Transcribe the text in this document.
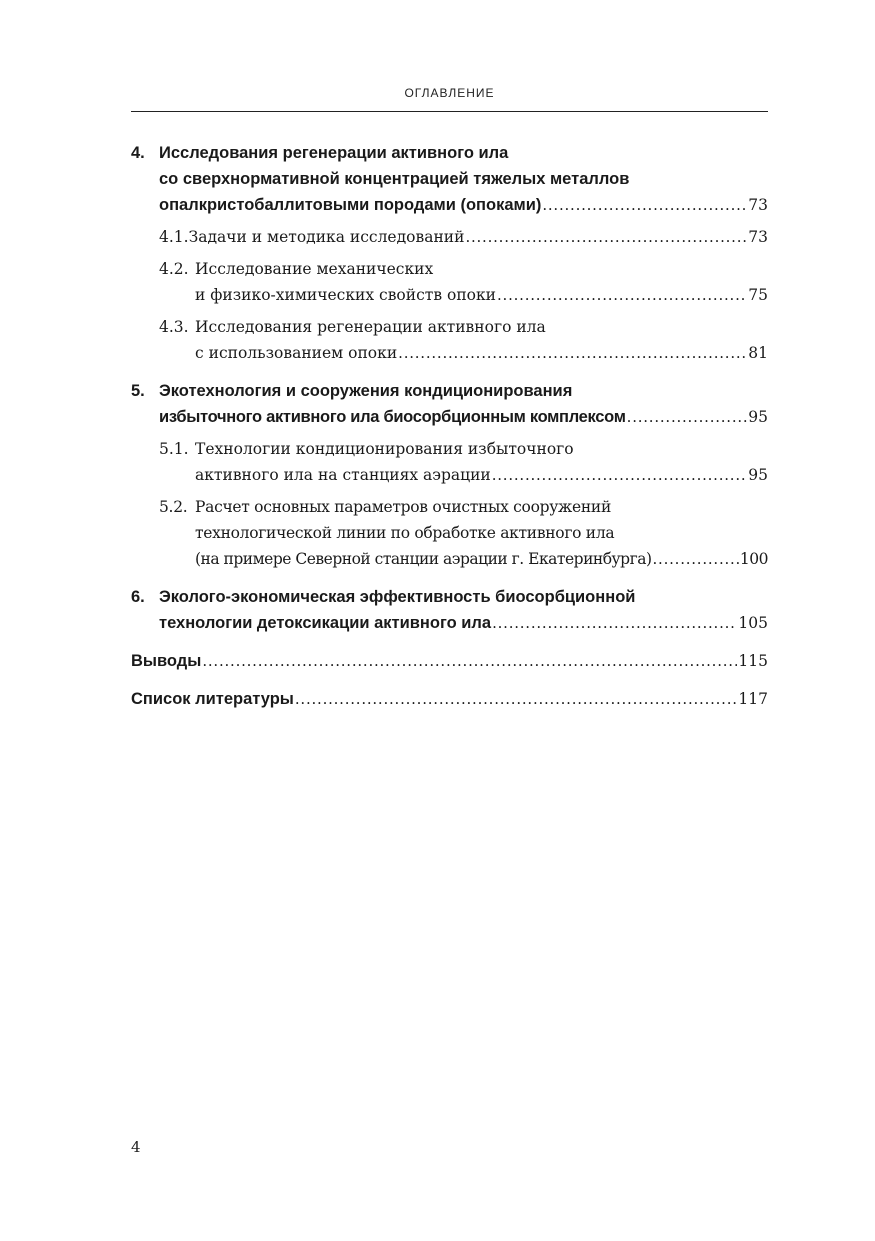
ОГЛАВЛЕНИЕ
4. Исследования регенерации активного ила
со сверхнормативной концентрацией тяжелых металлов
опалкристобаллитовыми породами (опоками) . . .	73
4.1. Задачи и методика исследований . . .	73
4.2. Исследование механических
и физико-химических свойств опоки . . .	75
4.3. Исследования регенерации активного ила
с использованием опоки . . .	81
5. Экотехнология и сооружения кондиционирования
избыточного активного ила биосорбционным комплексом . . .	95
5.1. Технологии кондиционирования избыточного
активного ила на станциях аэрации . . .	95
5.2. Расчет основных параметров очистных сооружений
технологической линии по обработке активного ила
(на примере Северной станции аэрации г. Екатеринбурга) . . .	100
6. Эколого-экономическая эффективность биосорбционной
технологии детоксикации активного ила . . .	105
Выводы . . .	115
Список литературы . . .	117
4
